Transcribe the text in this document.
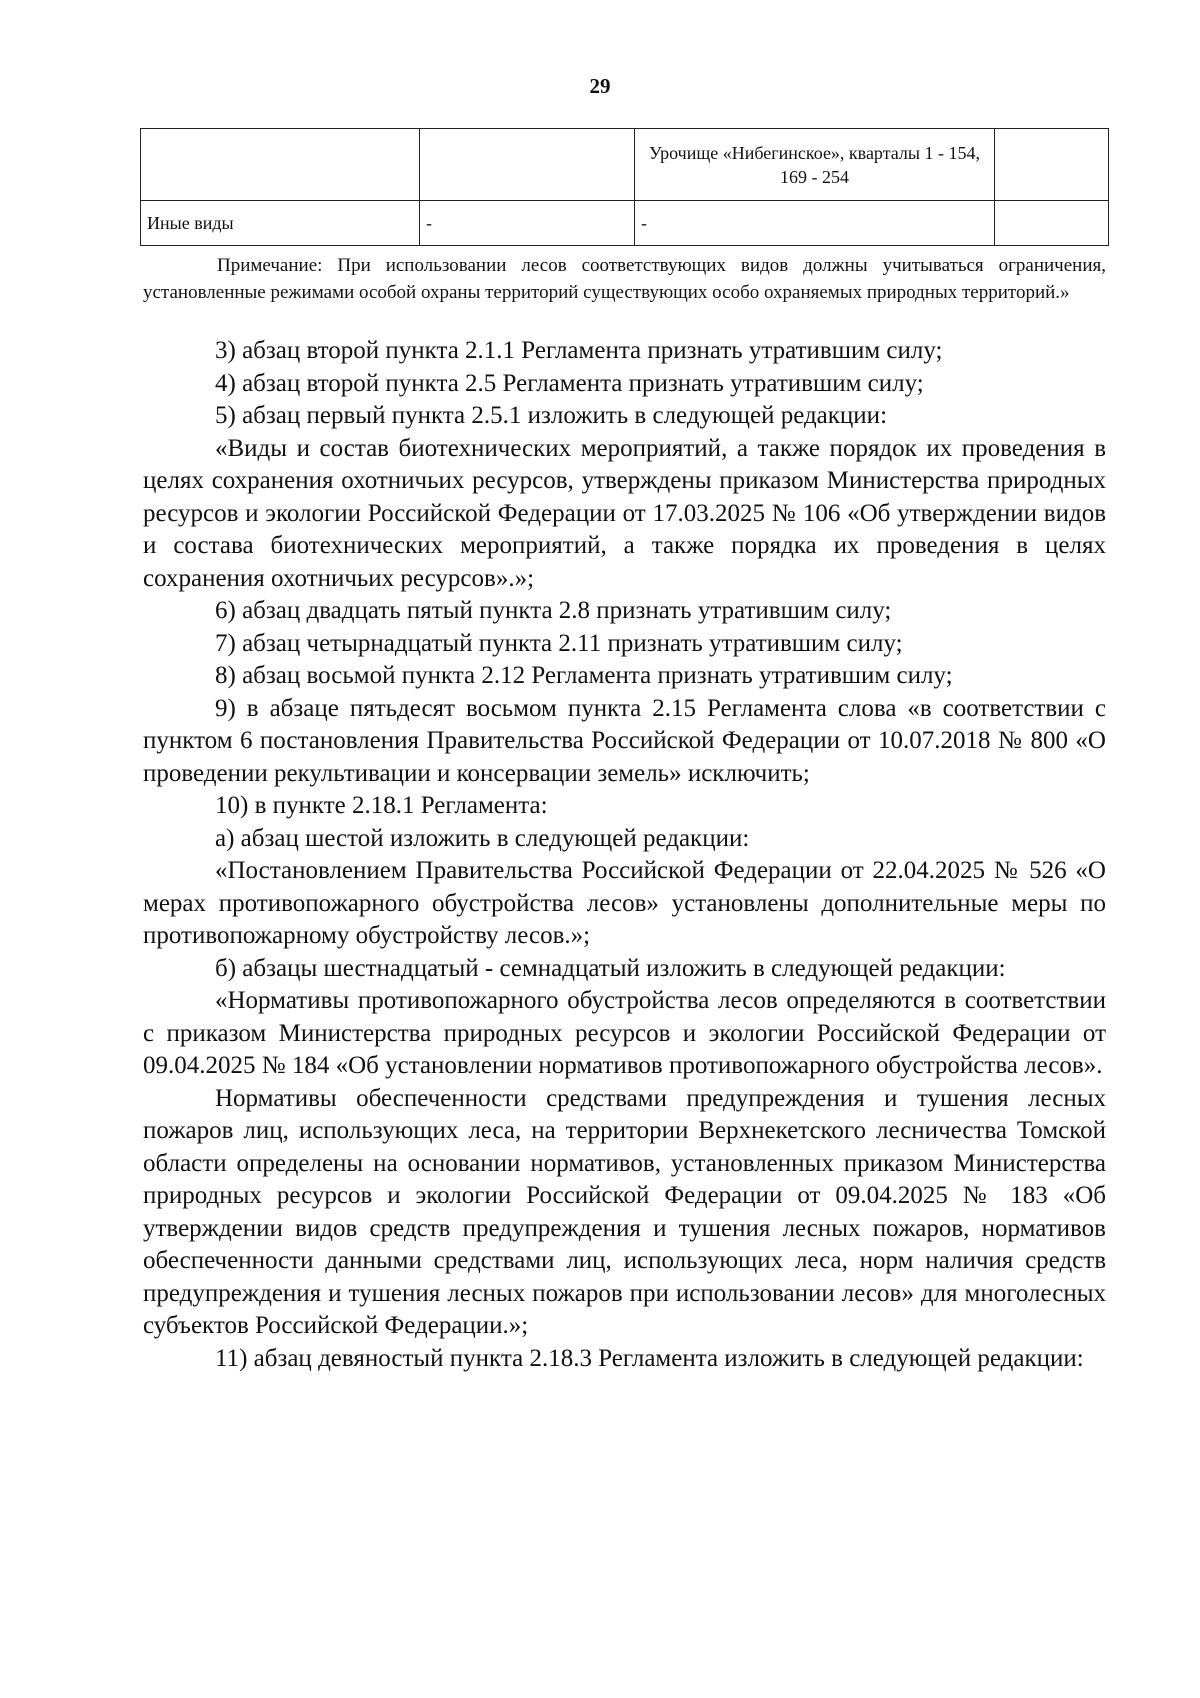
29
		Урочище «Нибегинское», кварталы 1 - 154, 169 - 254	
Иные виды	-	-	
Примечание: При использовании лесов соответствующих видов должны учитываться ограничения, установленные режимами особой охраны территорий существующих особо охраняемых природных территорий.»

3) абзац второй пункта 2.1.1 Регламента признать утратившим силу;

4) абзац второй пункта 2.5 Регламента признать утратившим силу;

5) абзац первый пункта 2.5.1 изложить в следующей редакции:

«Виды и состав биотехнических мероприятий, а также порядок их проведения в целях сохранения охотничьих ресурсов, утверждены приказом Министерства природных ресурсов и экологии Российской Федерации от 17.03.2025 № 106 «Об утверждении видов и состава биотехнических мероприятий, а также порядка их проведения в целях сохранения охотничьих ресурсов».»;

6) абзац двадцать пятый пункта 2.8 признать утратившим силу;

7) абзац четырнадцатый пункта 2.11 признать утратившим силу;

8) абзац восьмой пункта 2.12 Регламента признать утратившим силу;

9) в абзаце пятьдесят восьмом пункта 2.15 Регламента слова «в соответствии с пунктом 6 постановления Правительства Российской Федерации от 10.07.2018 № 800 «О проведении рекультивации и консервации земель» исключить;

10) в пункте 2.18.1 Регламента:

а) абзац шестой изложить в следующей редакции:

«Постановлением Правительства Российской Федерации от 22.04.2025 № 526 «О мерах противопожарного обустройства лесов» установлены дополнительные меры по противопожарному обустройству лесов.»;

б) абзацы шестнадцатый - семнадцатый изложить в следующей редакции:

«Нормативы противопожарного обустройства лесов определяются в соответствии с приказом Министерства природных ресурсов и экологии Российской Федерации от 09.04.2025 № 184 «Об установлении нормативов противопожарного обустройства лесов».

Нормативы обеспеченности средствами предупреждения и тушения лесных пожаров лиц, использующих леса, на территории Верхнекетского лесничества Томской области определены на основании нормативов, установленных приказом Министерства природных ресурсов и экологии Российской Федерации от 09.04.2025 № 183 «Об утверждении видов средств предупреждения и тушения лесных пожаров, нормативов обеспеченности данными средствами лиц, использующих леса, норм наличия средств предупреждения и тушения лесных пожаров при использовании лесов» для многолесных субъектов Российской Федерации.»;

11) абзац девяностый пункта 2.18.3 Регламента изложить в следующей редакции:
